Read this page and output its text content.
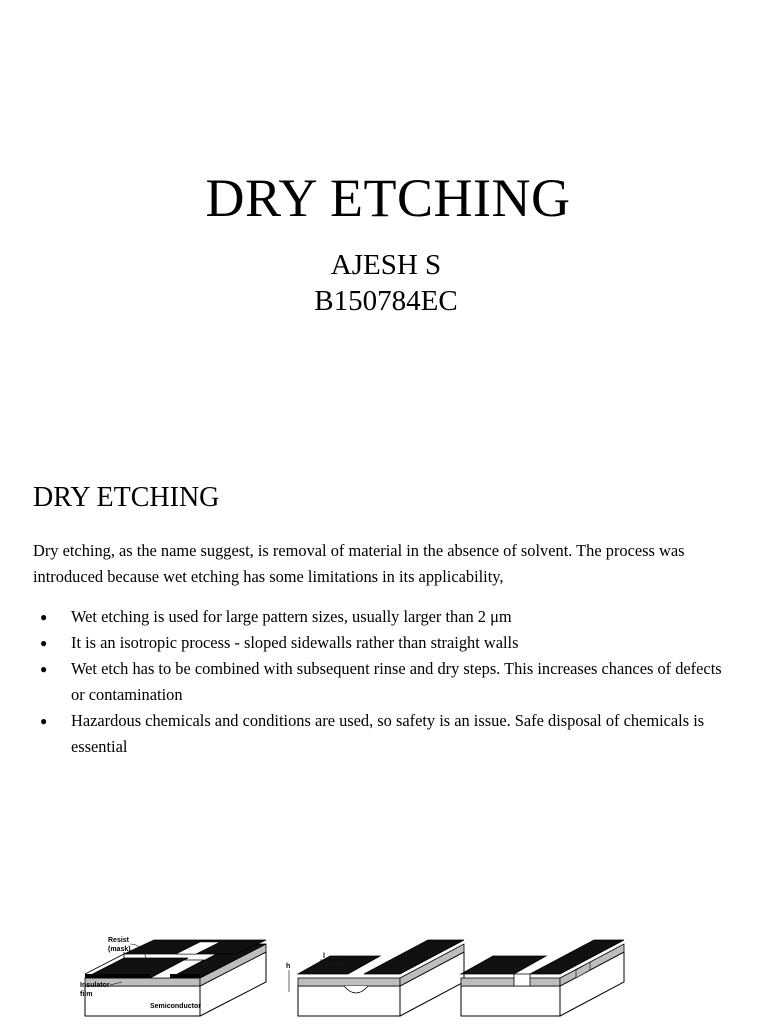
DRY ETCHING
AJESH S
B150784EC
DRY ETCHING
Dry etching, as the name suggest, is removal of material in the absence of solvent. The process was introduced because wet etching has some limitations in its applicability,
● Wet etching is used for large pattern sizes, usually larger than 2 μm
● It is an isotropic process - sloped sidewalls rather than straight walls
● Wet etch has to be combined with subsequent rinse and dry steps. This increases chances of defects or contamination
● Hazardous chemicals and conditions are used, so safety is an issue. Safe disposal of chemicals is essential
Resist
(mask)
Insulator
film
Semiconductor
h
l
